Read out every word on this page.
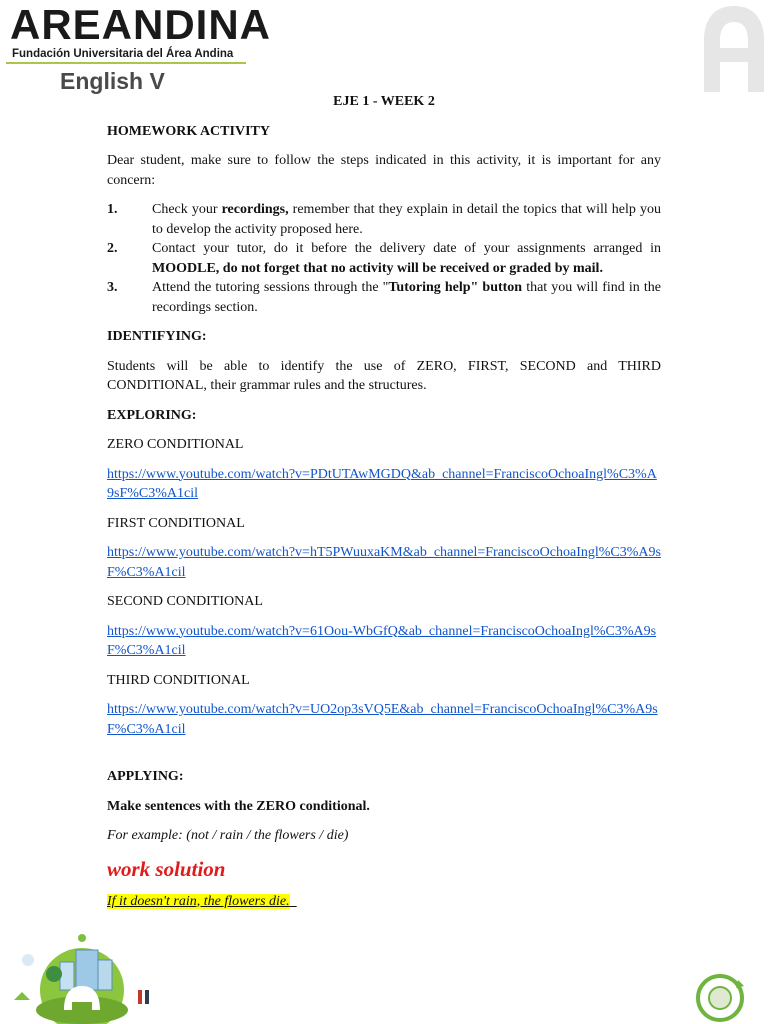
AREANDINA
Fundación Universitaria del Área Andina
English V
EJE 1 - WEEK 2
HOMEWORK ACTIVITY

Dear student, make sure to follow the steps indicated in this activity, it is important for any concern:

1.	Check your recordings, remember that they explain in detail the topics that will help you to develop the activity proposed here.
2.	Contact your tutor, do it before the delivery date of your assignments arranged in MOODLE, do not forget that no activity will be received or graded by mail.
3.	Attend the tutoring sessions through the "Tutoring help" button that you will find in the recordings section.
IDENTIFYING:

Students will be able to identify the use of ZERO, FIRST, SECOND and THIRD CONDITIONAL, their grammar rules and the structures.

EXPLORING:

ZERO CONDITIONAL

https://www.youtube.com/watch?v=PDtUTAwMGDQ&ab_channel=FranciscoOchoaIngl%C3%A9sF%C3%A1cil

FIRST CONDITIONAL

https://www.youtube.com/watch?v=hT5PWuuxaKM&ab_channel=FranciscoOchoaIngl%C3%A9sF%C3%A1cil

SECOND CONDITIONAL

https://www.youtube.com/watch?v=61Oou-WbGfQ&ab_channel=FranciscoOchoaIngl%C3%A9sF%C3%A1cil

THIRD CONDITIONAL

https://www.youtube.com/watch?v=UO2op3sVQ5E&ab_channel=FranciscoOchoaIngl%C3%A9sF%C3%A1cil
APPLYING:

Make sentences with the ZERO conditional.

For example: (not / rain / the flowers / die)

work solution

If it doesn't rain, the flowers die.
